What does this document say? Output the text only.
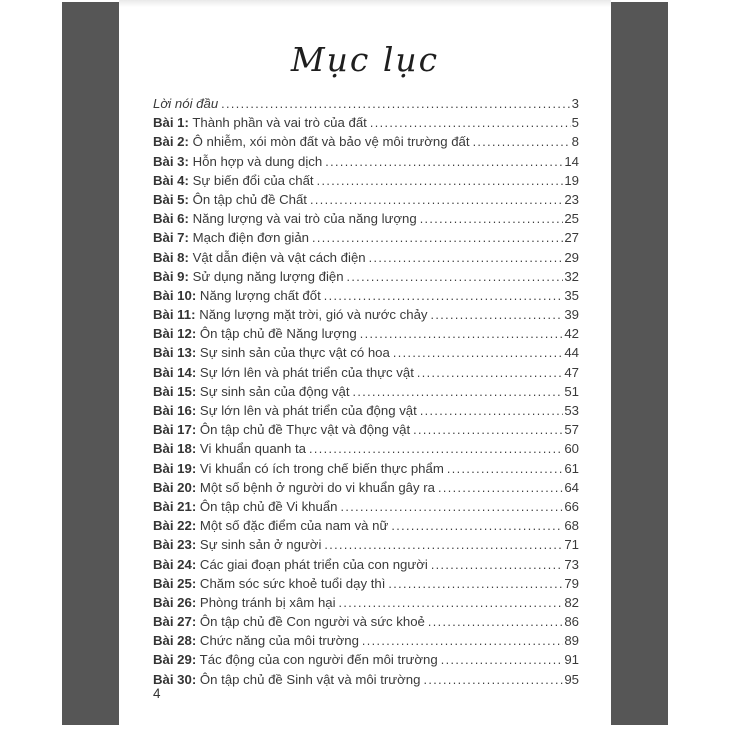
Mục lục
Lời nói đầu .....	3
Bài 1: Thành phần và vai trò của đất .....	5
Bài 2: Ô nhiễm, xói mòn đất và bảo vệ môi trường đất .....	8
Bài 3: Hỗn hợp và dung dịch .....	14
Bài 4: Sự biến đổi của chất .....	19
Bài 5: Ôn tập chủ đề Chất .....	23
Bài 6: Năng lượng và vai trò của năng lượng .....	25
Bài 7: Mạch điện đơn giản .....	27
Bài 8: Vật dẫn điện và vật cách điện .....	29
Bài 9: Sử dụng năng lượng điện .....	32
Bài 10: Năng lượng chất đốt .....	35
Bài 11: Năng lượng mặt trời, gió và nước chảy .....	39
Bài 12: Ôn tập chủ đề Năng lượng .....	42
Bài 13: Sự sinh sản của thực vật có hoa .....	44
Bài 14: Sự lớn lên và phát triển của thực vật .....	47
Bài 15: Sự sinh sản của động vật .....	51
Bài 16: Sự lớn lên và phát triển của động vật .....	53
Bài 17: Ôn tập chủ đề Thực vật và động vật .....	57
Bài 18: Vi khuẩn quanh ta .....	60
Bài 19: Vi khuẩn có ích trong chế biến thực phẩm .....	61
Bài 20: Một số bệnh ở người do vi khuẩn gây ra .....	64
Bài 21: Ôn tập chủ đề Vi khuẩn .....	66
Bài 22: Một số đặc điểm của nam và nữ .....	68
Bài 23: Sự sinh sản ở người .....	71
Bài 24: Các giai đoạn phát triển của con người .....	73
Bài 25: Chăm sóc sức khoẻ tuổi dạy thì .....	79
Bài 26: Phòng tránh bị xâm hại .....	82
Bài 27: Ôn tập chủ đề Con người và sức khoẻ .....	86
Bài 28: Chức năng của môi trường .....	89
Bài 29: Tác động của con người đến môi trường .....	91
Bài 30: Ôn tập chủ đề Sinh vật và môi trường .....	95
4
